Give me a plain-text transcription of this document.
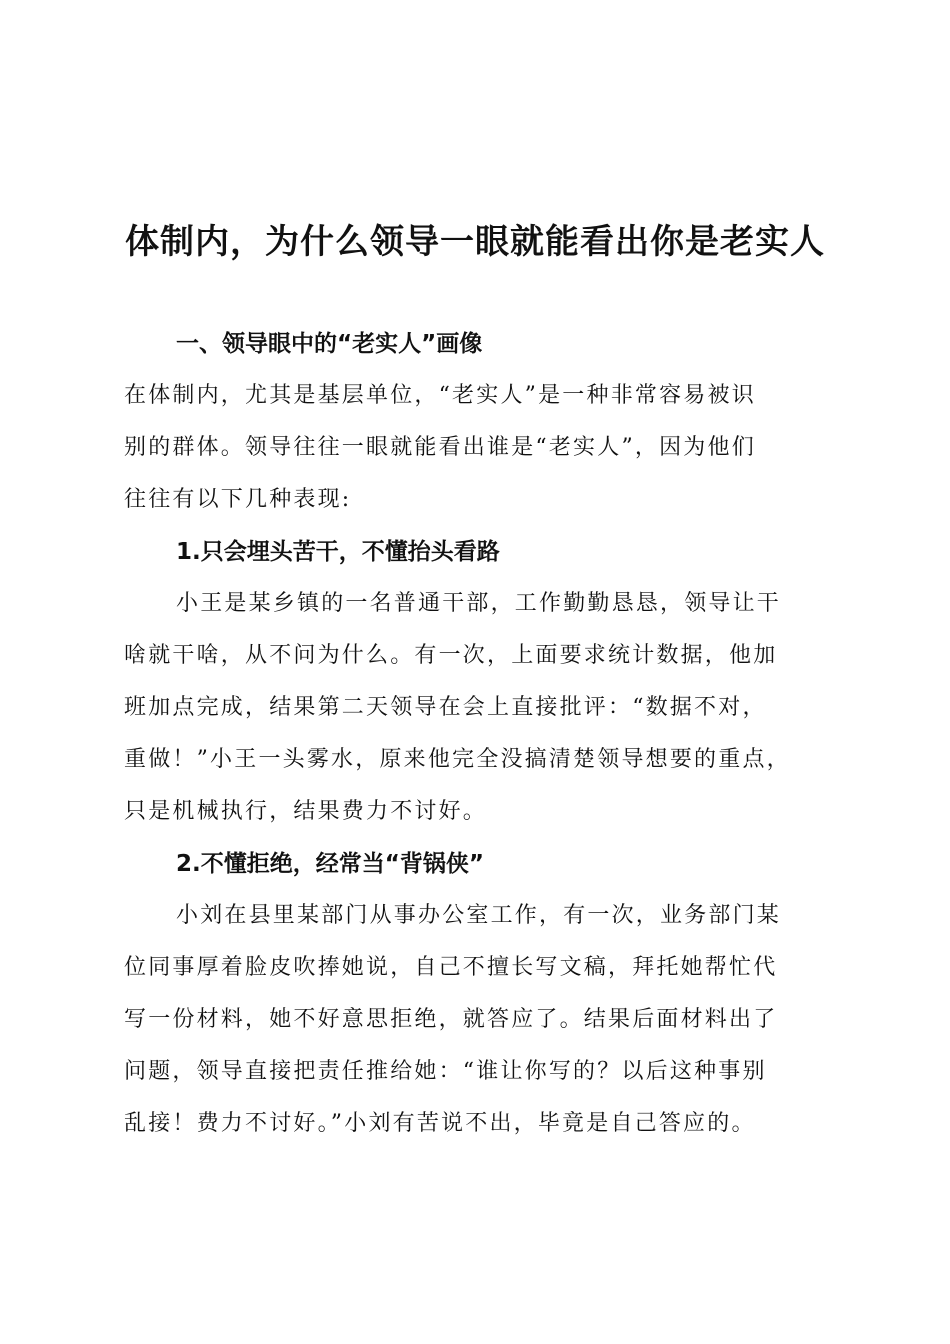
体制内，为什么领导一眼就能看出你是老实人
一、领导眼中的“老实人”画像

在体制内，尤其是基层单位，“老实人”是一种非常容易被识
别的群体。领导往往一眼就能看出谁是“老实人”，因为他们
往往有以下几种表现:

1.只会埋头苦干，不懂抬头看路

小王是某乡镇的一名普通干部，工作勤勤恳恳，领导让干
啥就干啥，从不问为什么。有一次，上面要求统计数据，他加
班加点完成，结果第二天领导在会上直接批评：“数据不对，
重做！”小王一头雾水，原来他完全没搞清楚领导想要的重点，
只是机械执行，结果费力不讨好。

2.不懂拒绝，经常当“背锅侠”

小刘在县里某部门从事办公室工作，有一次，业务部门某
位同事厚着脸皮吹捧她说，自己不擅长写文稿，拜托她帮忙代
写一份材料，她不好意思拒绝，就答应了。结果后面材料出了
问题，领导直接把责任推给她：“谁让你写的？以后这种事别
乱接！费力不讨好。”小刘有苦说不出，毕竟是自己答应的。
